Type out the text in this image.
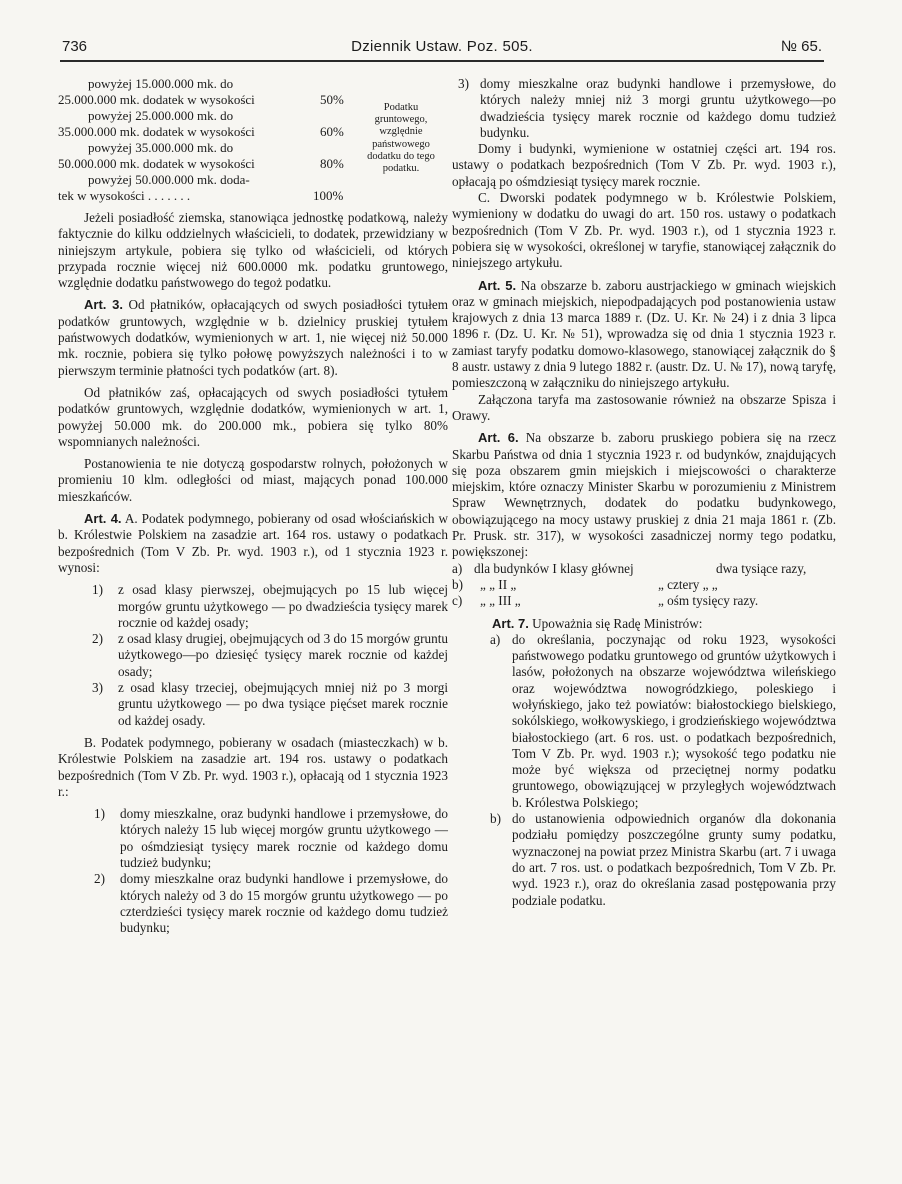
736	Dziennik Ustaw. Poz. 505.	№ 65.
powyżej 15.000.000 mk. do
25.000.000 mk. dodatek w wysokości	50%
powyżej 25.000.000 mk. do
35.000.000 mk. dodatek w wysokości	60%
powyżej 35.000.000 mk. do
50.000.000 mk. dodatek w wysokości	80%
powyżej 50.000.000 mk. doda-
tek w wysokości . . . . . . .	100%
Podatku gruntowego, względnie państwowego dodatku do tego podatku.

Jeżeli posiadłość ziemska, stanowiąca jednostkę podatkową, należy faktycznie do kilku oddzielnych właścicieli, to dodatek, przewidziany w niniejszym artykule, pobiera się tylko od właścicieli, od których przypada rocznie więcej niż 600.0000 mk. podatku gruntowego, względnie dodatku państwowego do tegoż podatku.

Art. 3. Od płatników, opłacających od swych posiadłości tytułem podatków gruntowych, względnie w b. dzielnicy pruskiej tytułem państwowych dodatków, wymienionych w art. 1, nie więcej niż 50.000 mk. rocznie, pobiera się tylko połowę powyższych należności i to w pierwszym terminie płatności tych podatków (art. 8).

Od płatników zaś, opłacających od swych posiadłości tytułem podatków gruntowych, względnie dodatków, wymienionych w art. 1, powyżej 50.000 mk. do 200.000 mk., pobiera się tylko 80% wspomnianych należności.

Postanowienia te nie dotyczą gospodarstw rolnych, położonych w promieniu 10 klm. odległości od miast, mających ponad 100.000 mieszkańców.

Art. 4. A. Podatek podymnego, pobierany od osad włościańskich w b. Królestwie Polskiem na zasadzie art. 164 ros. ustawy o podatkach bezpośrednich (Tom V Zb. Pr. wyd. 1903 r.), od 1 stycznia 1923 r. wynosi:

1) z osad klasy pierwszej, obejmujących po 15 lub więcej morgów gruntu użytkowego — po dwadzieścia tysięcy marek rocznie od każdej osady;

2) z osad klasy drugiej, obejmujących od 3 do 15 morgów gruntu użytkowego—po dziesięć tysięcy marek rocznie od każdej osady;

3) z osad klasy trzeciej, obejmujących mniej niż po 3 morgi gruntu użytkowego — po dwa tysiące pięćset marek rocznie od każdej osady.

B. Podatek podymnego, pobierany w osadach (miasteczkach) w b. Królestwie Polskiem na zasadzie art. 194 ros. ustawy o podatkach bezpośrednich (Tom V Zb. Pr. wyd. 1903 r.), opłacają od 1 stycznia 1923 r.:

1) domy mieszkalne, oraz budynki handlowe i przemysłowe, do których należy 15 lub więcej morgów gruntu użytkowego — po ośmdziesiąt tysięcy marek rocznie od każdego domu tudzież budynku;

2) domy mieszkalne oraz budynki handlowe i przemysłowe, do których należy od 3 do 15 morgów gruntu użytkowego — po czterdzieści tysięcy marek rocznie od każdego domu tudzież budynku;

3) domy mieszkalne oraz budynki handlowe i przemysłowe, do których należy mniej niż 3 morgi gruntu użytkowego—po dwadzieścia tysięcy marek rocznie od każdego domu tudzież budynku.

Domy i budynki, wymienione w ostatniej części art. 194 ros. ustawy o podatkach bezpośrednich (Tom V Zb. Pr. wyd. 1903 r.), opłacają po ośmdziesiąt tysięcy marek rocznie.

C. Dworski podatek podymnego w b. Królestwie Polskiem, wymieniony w dodatku do uwagi do art. 150 ros. ustawy o podatkach bezpośrednich (Tom V Zb. Pr. wyd. 1903 r.), od 1 stycznia 1923 r. pobiera się w wysokości, określonej w taryfie, stanowiącej załącznik do niniejszego artykułu.

Art. 5. Na obszarze b. zaboru austrjackiego w gminach wiejskich oraz w gminach miejskich, niepodpadających pod postanowienia ustaw krajowych z dnia 13 marca 1889 r. (Dz. U. Kr. № 24) i z dnia 3 lipca 1896 r. (Dz. U. Kr. № 51), wprowadza się od dnia 1 stycznia 1923 r. zamiast taryfy podatku domowo-klasowego, stanowiącej załącznik do § 8 austr. ustawy z dnia 9 lutego 1882 r. (austr. Dz. U. № 17), nową taryfę, pomieszczoną w załączniku do niniejszego artykułu.

Załączona taryfa ma zastosowanie również na obszarze Spisza i Orawy.

Art. 6. Na obszarze b. zaboru pruskiego pobiera się na rzecz Skarbu Państwa od dnia 1 stycznia 1923 r. od budynków, znajdujących się poza obszarem gmin miejskich i miejscowości o charakterze miejskim, które oznaczy Minister Skarbu w porozumieniu z Ministrem Spraw Wewnętrznych, dodatek do podatku budynkowego, obowiązującego na mocy ustawy pruskiej z dnia 21 maja 1861 r. (Zb. Pr. Prusk. str. 317), w wysokości zasadniczej normy tego podatku, powiększonej:

a) dla budynków I klasy głównej	dwa tysiące razy,
b) „ „ II „	„ cztery „ „
c) „ „ III „	„ ośm tysięcy razy.

Art. 7. Upoważnia się Radę Ministrów:

a) do określania, poczynając od roku 1923, wysokości państwowego podatku gruntowego od gruntów użytkowych i lasów, położonych na obszarze województwa wileńskiego oraz województwa nowogródzkiego, poleskiego i wołyńskiego, jako też powiatów: białostockiego bielskiego, sokólskiego, wołkowyskiego, i grodzieńskiego województwa białostockiego (art. 6 ros. ust. o podatkach bezpośrednich, Tom V Zb. Pr. wyd. 1903 r.); wysokość tego podatku nie może być większa od przeciętnej normy podatku gruntowego, obowiązującej w przyległych województwach b. Królestwa Polskiego;

b) do ustanowienia odpowiednich organów dla dokonania podziału pomiędzy poszczególne grunty sumy podatku, wyznaczonej na powiat przez Ministra Skarbu (art. 7 i uwaga do art. 7 ros. ust. o podatkach bezpośrednich, Tom V Zb. Pr. wyd. 1923 r.), oraz do określania zasad postępowania przy podziale podatku.
